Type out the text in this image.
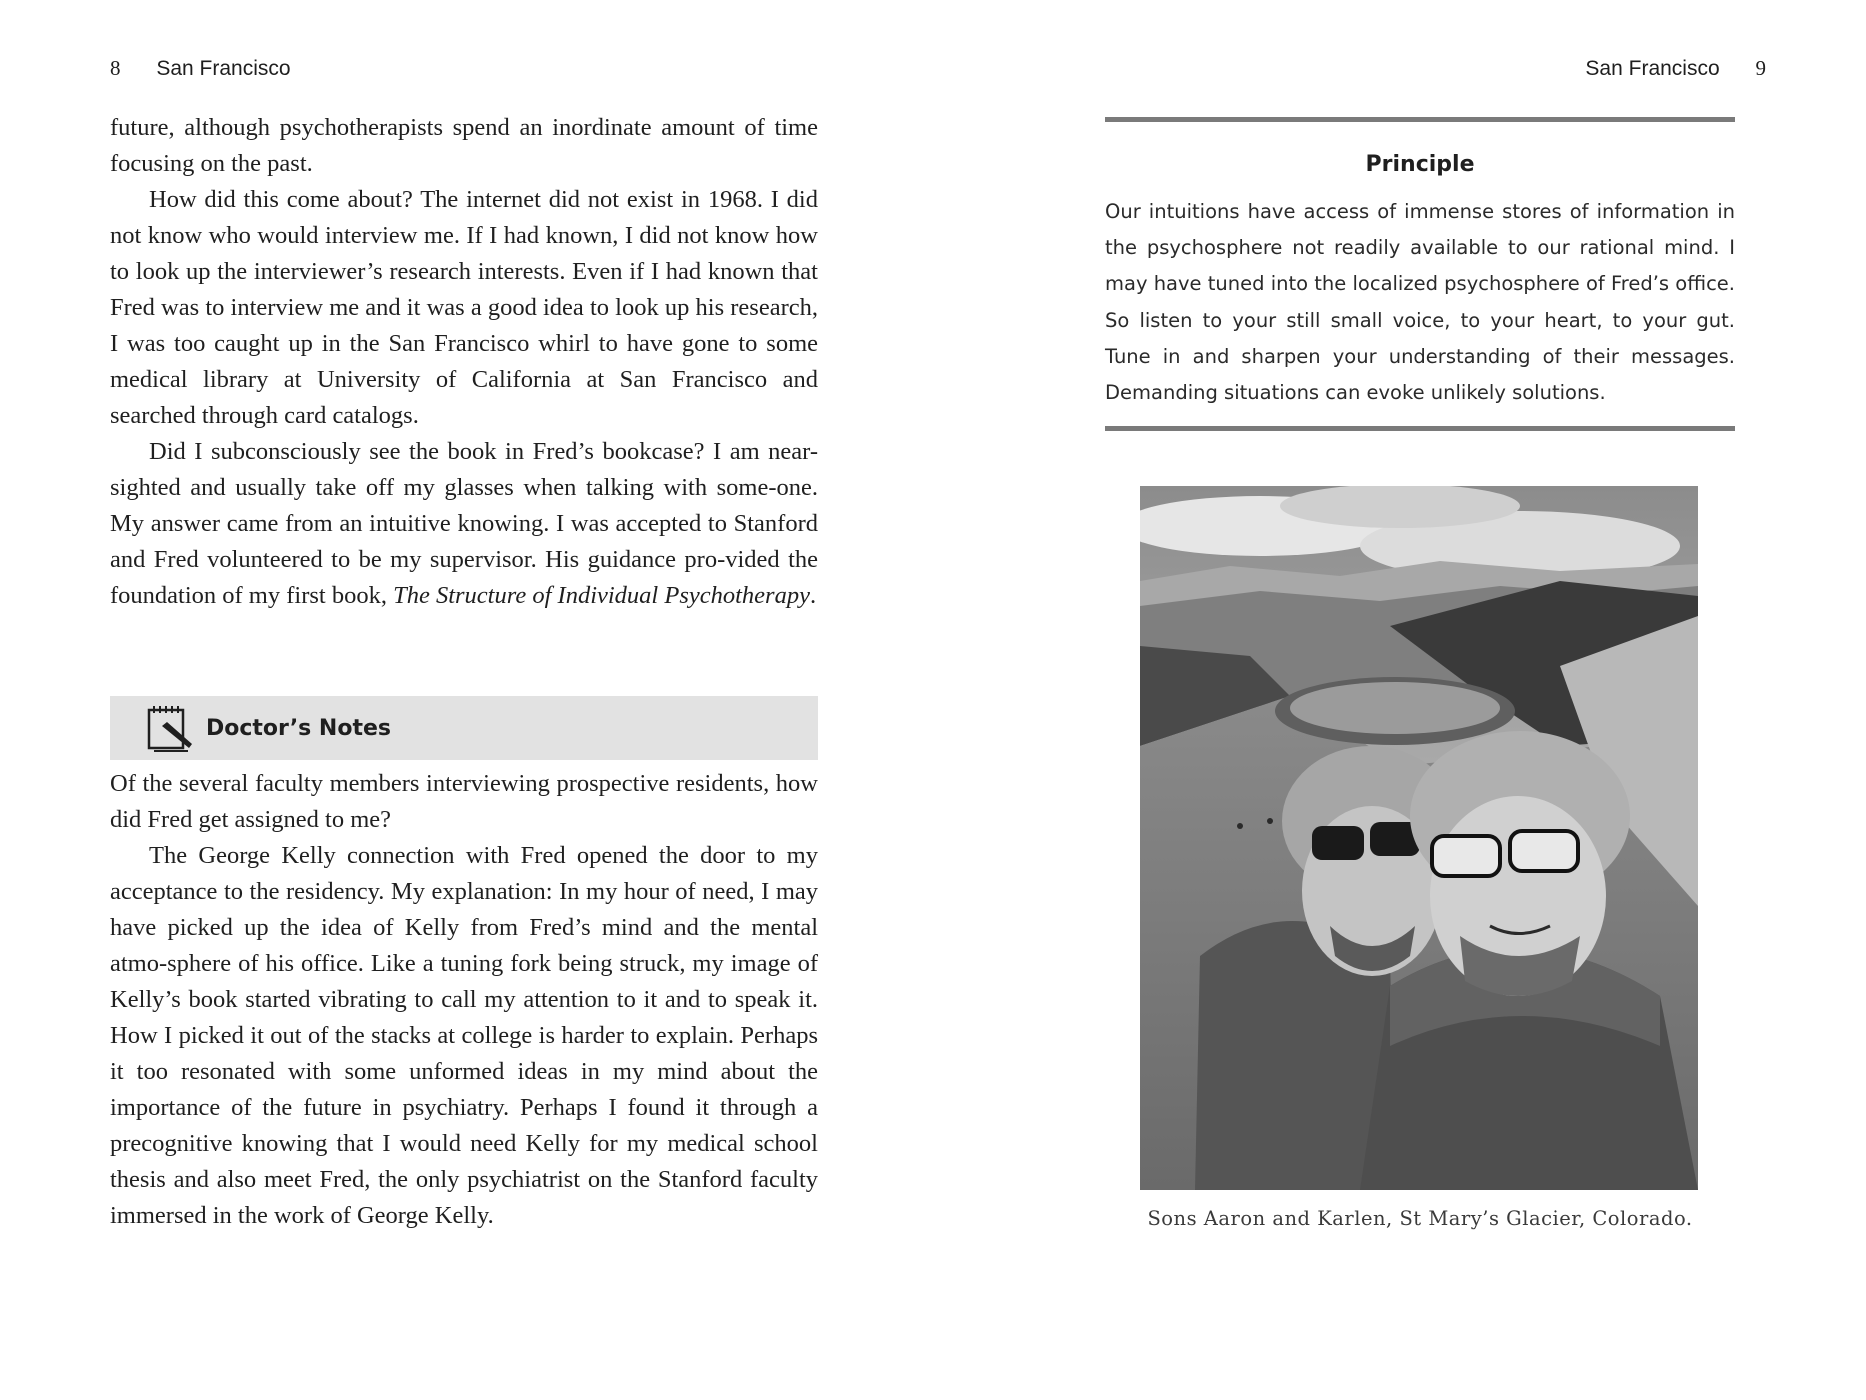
8 San Francisco

future, although psychotherapists spend an inordinate amount of time focusing on the past.

How did this come about? The internet did not exist in 1968. I did not know who would interview me. If I had known, I did not know how to look up the interviewer’s research interests. Even if I had known that Fred was to interview me and it was a good idea to look up his research, I was too caught up in the San Francisco whirl to have gone to some medical library at University of California at San Francisco and searched through card catalogs.

Did I subconsciously see the book in Fred’s bookcase? I am near-sighted and usually take off my glasses when talking with some-one. My answer came from an intuitive knowing. I was accepted to Stanford and Fred volunteered to be my supervisor. His guidance pro-vided the foundation of my first book, The Structure of Individual Psychotherapy.

Doctor’s Notes

Of the several faculty members interviewing prospective residents, how did Fred get assigned to me?

The George Kelly connection with Fred opened the door to my acceptance to the residency. My explanation: In my hour of need, I may have picked up the idea of Kelly from Fred’s mind and the mental atmo-sphere of his office. Like a tuning fork being struck, my image of Kelly’s book started vibrating to call my attention to it and to speak it. How I picked it out of the stacks at college is harder to explain. Perhaps it too resonated with some unformed ideas in my mind about the importance of the future in psychiatry. Perhaps I found it through a precognitive knowing that I would need Kelly for my medical school thesis and also meet Fred, the only psychiatrist on the Stanford faculty immersed in the work of George Kelly.

San Francisco 9
Principle
Our intuitions have access of immense stores of information in the psychosphere not readily available to our rational mind. I may have tuned into the localized psychosphere of Fred’s office. So listen to your still small voice, to your heart, to your gut. Tune in and sharpen your understanding of their messages. Demanding situations can evoke unlikely solutions.
Sons Aaron and Karlen, St Mary’s Glacier, Colorado.
